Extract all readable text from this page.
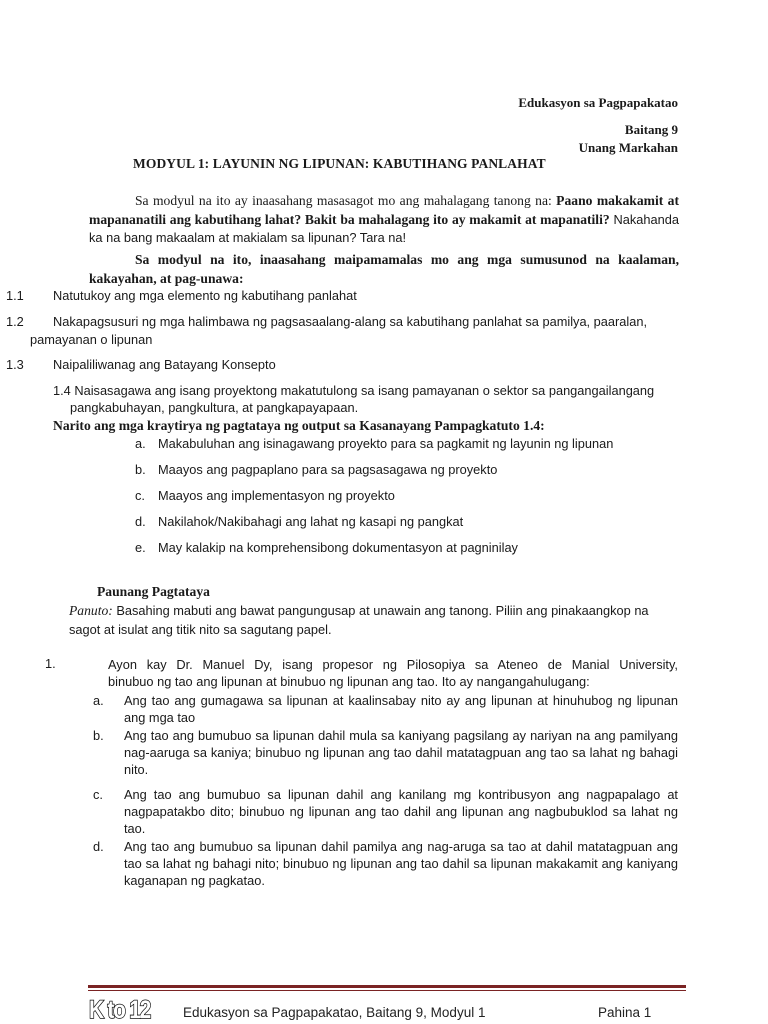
Edukasyon sa Pagpapakatao
Baitang 9
Unang Markahan
MODYUL 1: LAYUNIN NG LIPUNAN: KABUTIHANG PANLAHAT
Sa modyul na ito ay inaasahang masasagot mo ang mahalagang tanong na: Paano makakamit at mapananatili ang kabutihang lahat? Bakit ba mahalagang ito ay makamit at mapanatili? Nakahanda ka na bang makaalam at makialam sa lipunan? Tara na!
Sa modyul na ito, inaasahang maipamamalas mo ang mga sumusunod na kaalaman, kakayahan, at pag-unawa:
1.1 Natutukoy ang mga elemento ng kabutihang panlahat
1.2 Nakapagsusuri ng mga halimbawa ng pagsasaalang-alang sa kabutihang panlahat sa pamilya, paaralan,
pamayanan o lipunan
1.3 Naipaliliwanag ang Batayang Konsepto
1.4 Naisasagawa ang isang proyektong makatutulong sa isang pamayanan o sektor sa pangangailangang
pangkabuhayan, pangkultura, at pangkapayapaan.
Narito ang mga kraytirya ng pagtataya ng output sa Kasanayang Pampagkatuto 1.4:
a. Makabuluhan ang isinagawang proyekto para sa pagkamit ng layunin ng lipunan
b. Maayos ang pagpaplano para sa pagsasagawa ng proyekto
c. Maayos ang implementasyon ng proyekto
d. Nakilahok/Nakibahagi ang lahat ng kasapi ng pangkat
e. May kalakip na komprehensibong dokumentasyon at pagninilay
Paunang Pagtataya
Panuto: Basahing mabuti ang bawat pangungusap at unawain ang tanong. Piliin ang pinakaangkop na
sagot at isulat ang titik nito sa sagutang papel.
1.	Ayon kay Dr. Manuel Dy, isang propesor ng Pilosopiya sa Ateneo de Manial University,
binubuo ng tao ang lipunan at binubuo ng lipunan ang tao. Ito ay nangangahulugang:
a. Ang tao ang gumagawa sa lipunan at kaalinsabay nito ay ang lipunan at hinuhubog ng lipunan ang mga tao
b. Ang tao ang bumubuo sa lipunan dahil mula sa kaniyang pagsilang ay nariyan na ang pamilyang nag-aaruga sa kaniya; binubuo ng lipunan ang tao dahil matatagpuan ang tao sa lahat ng bahagi nito.
c. Ang tao ang bumubuo sa lipunan dahil ang kanilang mg kontribusyon ang nagpapalago at nagpapatakbo dito; binubuo ng lipunan ang tao dahil ang lipunan ang nagbubuklod sa lahat ng tao.
d. Ang tao ang bumubuo sa lipunan dahil pamilya ang nag-aruga sa tao at dahil matatagpuan ang tao sa lahat ng bahagi nito; binubuo ng lipunan ang tao dahil sa lipunan makakamit ang kaniyang kaganapan ng pagkatao.
K to 12 Edukasyon sa Pagpapakatao, Baitang 9, Modyul 1	Pahina 1
